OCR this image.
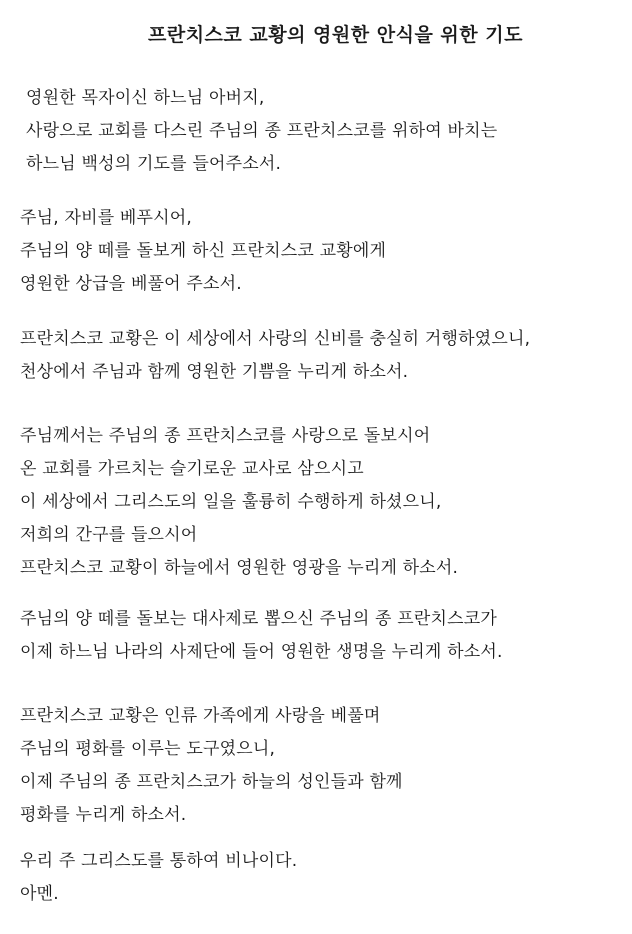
프란치스코 교황의 영원한 안식을 위한 기도
영원한 목자이신 하느님 아버지,
사랑으로 교회를 다스린 주님의 종 프란치스코를 위하여 바치는
하느님 백성의 기도를 들어주소서.
주님, 자비를 베푸시어,
주님의 양 떼를 돌보게 하신 프란치스코 교황에게
영원한 상급을 베풀어 주소서.
프란치스코 교황은 이 세상에서 사랑의 신비를 충실히 거행하였으니,
천상에서 주님과 함께 영원한 기쁨을 누리게 하소서.
주님께서는 주님의 종 프란치스코를 사랑으로 돌보시어
온 교회를 가르치는 슬기로운 교사로 삼으시고
이 세상에서 그리스도의 일을 훌륭히 수행하게 하셨으니,
저희의 간구를 들으시어
프란치스코 교황이 하늘에서 영원한 영광을 누리게 하소서.
주님의 양 떼를 돌보는 대사제로 뽑으신 주님의 종 프란치스코가
이제 하느님 나라의 사제단에 들어 영원한 생명을 누리게 하소서.
프란치스코 교황은 인류 가족에게 사랑을 베풀며
주님의 평화를 이루는 도구였으니,
이제 주님의 종 프란치스코가 하늘의 성인들과 함께
평화를 누리게 하소서.
우리 주 그리스도를 통하여 비나이다.
아멘.
